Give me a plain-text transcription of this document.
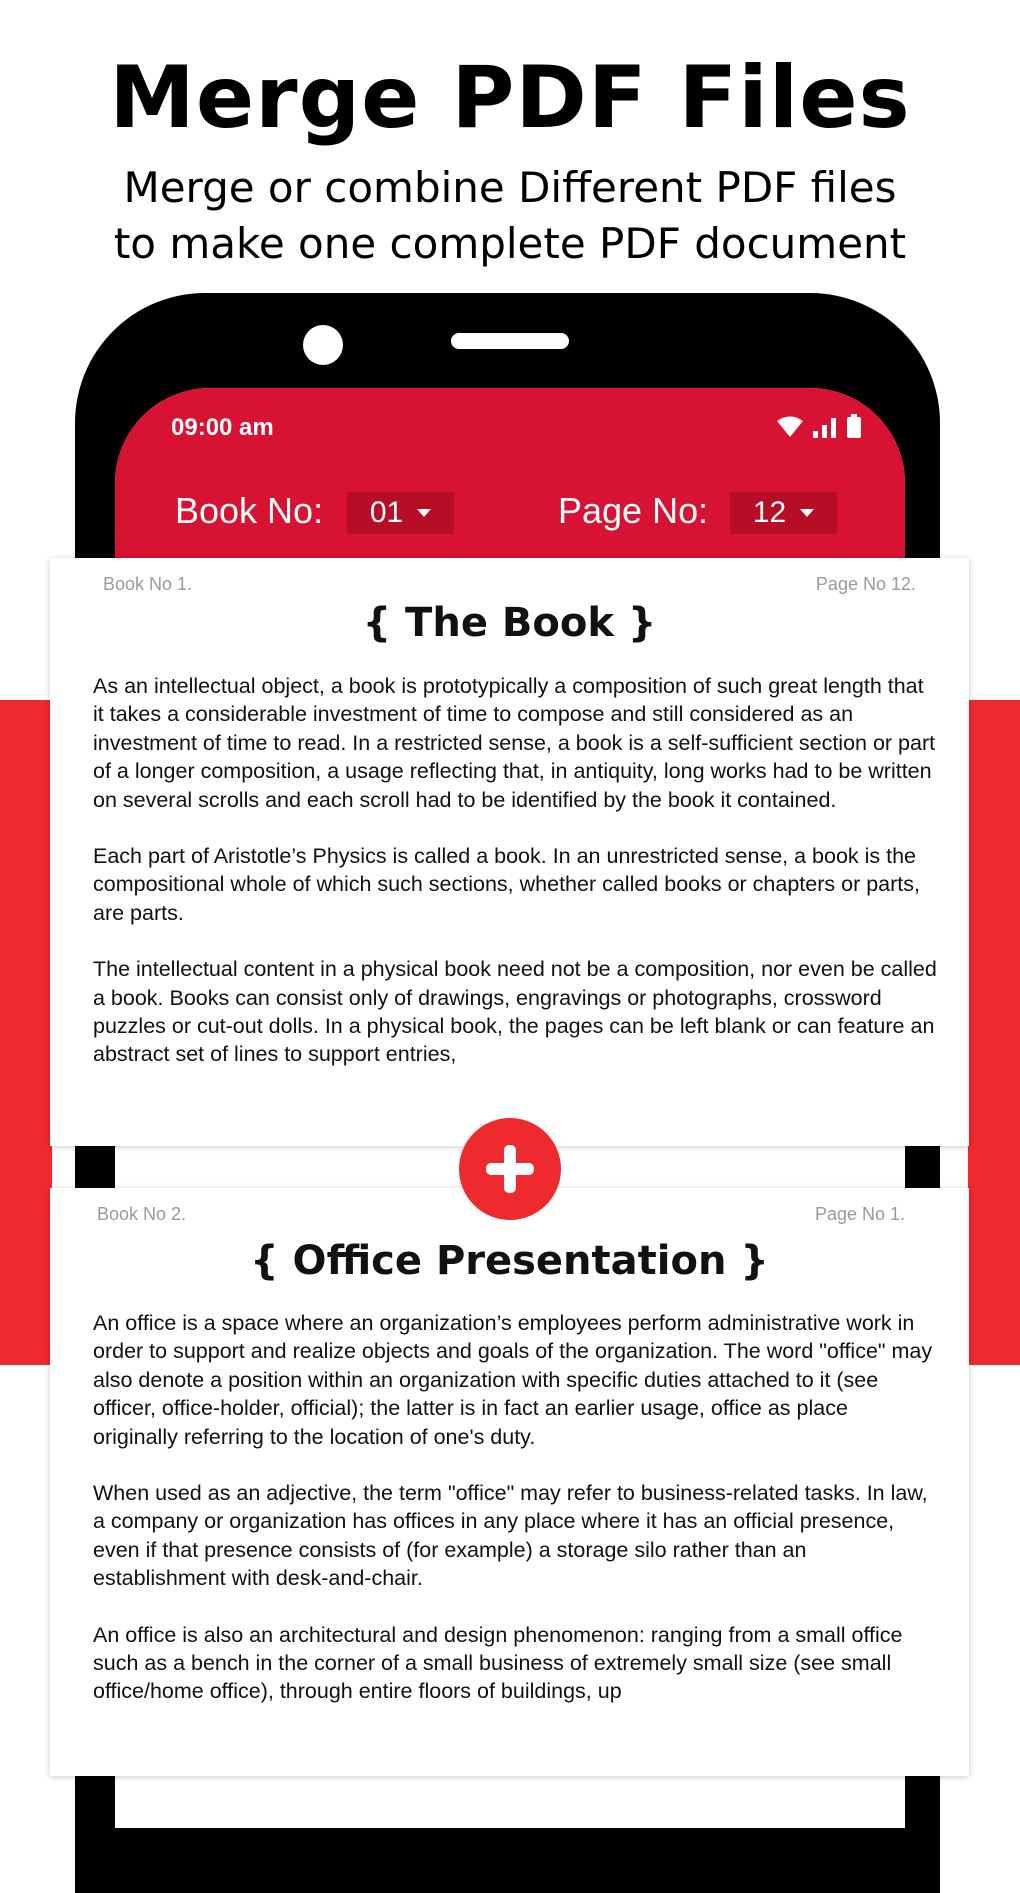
Merge PDF Files
Merge or combine Different PDF files
to make one complete PDF document
09:00 am
Book No: 01	Page No: 12
Book No 1.	Page No 12.
{ The Book }

As an intellectual object, a book is prototypically a composition of such great length that it takes a considerable investment of time to compose and still considered as an investment of time to read. In a restricted sense, a book is a self-sufficient section or part of a longer composition, a usage reflecting that, in antiquity, long works had to be written on several scrolls and each scroll had to be identified by the book it contained.

Each part of Aristotle’s Physics is called a book. In an unrestricted sense, a book is the compositional whole of which such sections, whether called books or chapters or parts, are parts.

The intellectual content in a physical book need not be a composition, nor even be called a book. Books can consist only of drawings, engravings or photographs, crossword puzzles or cut-out dolls. In a physical book, the pages can be left blank or can feature an abstract set of lines to support entries,

Book No 2.	Page No 1.
{ Office Presentation }

An office is a space where an organization’s employees perform administrative work in order to support and realize objects and goals of the organization. The word "office" may also denote a position within an organization with specific duties attached to it (see officer, office-holder, official); the latter is in fact an earlier usage, office as place originally referring to the location of one's duty.

When used as an adjective, the term "office" may refer to business-related tasks. In law, a company or organization has offices in any place where it has an official presence, even if that presence consists of (for example) a storage silo rather than an establishment with desk-and-chair.

An office is also an architectural and design phenomenon: ranging from a small office such as a bench in the corner of a small business of extremely small size (see small office/home office), through entire floors of buildings, up
